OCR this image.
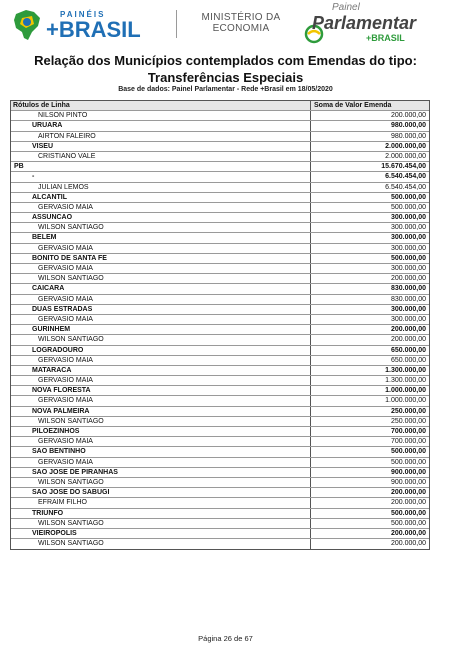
PAINÉIS
+BRASIL	MINISTÉRIO DA
ECONOMIA
Painel
Parlamentar
+BRASIL
Relação dos Municípios contemplados com Emendas do tipo:
Transferências Especiais
Base de dados: Painel Parlamentar - Rede +Brasil em 18/05/2020
Rótulos de Linha	Soma de Valor Emenda
NILSON PINTO	200.000,00
URUARA	980.000,00
AIRTON FALEIRO	980.000,00
VISEU	2.000.000,00
CRISTIANO VALE	2.000.000,00
PB	15.670.454,00
-	6.540.454,00
JULIAN LEMOS	6.540.454,00
ALCANTIL	500.000,00
GERVASIO MAIA	500.000,00
ASSUNCAO	300.000,00
WILSON SANTIAGO	300.000,00
BELEM	300.000,00
GERVASIO MAIA	300.000,00
BONITO DE SANTA FE	500.000,00
GERVASIO MAIA	300.000,00
WILSON SANTIAGO	200.000,00
CAICARA	830.000,00
GERVASIO MAIA	830.000,00
DUAS ESTRADAS	300.000,00
GERVASIO MAIA	300.000,00
GURINHEM	200.000,00
WILSON SANTIAGO	200.000,00
LOGRADOURO	650.000,00
GERVASIO MAIA	650.000,00
MATARACA	1.300.000,00
GERVASIO MAIA	1.300.000,00
NOVA FLORESTA	1.000.000,00
GERVASIO MAIA	1.000.000,00
NOVA PALMEIRA	250.000,00
WILSON SANTIAGO	250.000,00
PILOEZINHOS	700.000,00
GERVASIO MAIA	700.000,00
SAO BENTINHO	500.000,00
GERVASIO MAIA	500.000,00
SAO JOSE DE PIRANHAS	900.000,00
WILSON SANTIAGO	900.000,00
SAO JOSE DO SABUGI	200.000,00
EFRAIM FILHO	200.000,00
TRIUNFO	500.000,00
WILSON SANTIAGO	500.000,00
VIEIROPOLIS	200.000,00
WILSON SANTIAGO	200.000,00
Página 26 de 67
